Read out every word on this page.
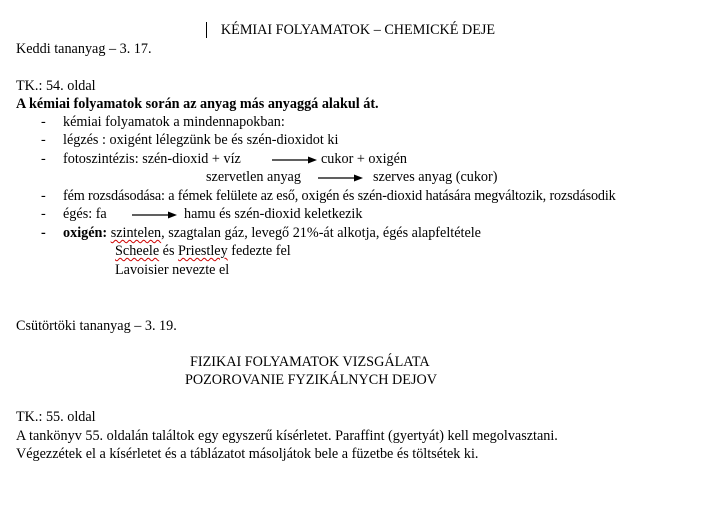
KÉMIAI FOLYAMATOK – CHEMICKÉ DEJE
Keddi tananyag – 3. 17.
TK.: 54. oldal
A kémiai folyamatok során az anyag más anyaggá alakul át.
- kémiai folyamatok a mindennapokban:
- légzés : oxigént lélegzünk be és szén-dioxidot ki
- fotoszintézis: szén-dioxid + víz	cukor + oxigén
szervetlen anyag	szerves anyag (cukor)
- fém rozsdásodása: a fémek felülete az eső, oxigén és szén-dioxid hatására megváltozik, rozsdásodik
- égés: fa	hamu és szén-dioxid keletkezik
- oxigén: szintelen, szagtalan gáz, levegő 21%-át alkotja, égés alapfeltétele
Scheele és Priestley fedezte fel
Lavoisier nevezte el
Csütörtöki tananyag – 3. 19.
FIZIKAI FOLYAMATOK VIZSGÁLATA
POZOROVANIE FYZIKÁLNYCH DEJOV
TK.: 55. oldal
A tankönyv 55. oldalán találtok egy egyszerű kísérletet. Paraffint (gyertyát) kell megolvasztani.
Végezzétek el a kísérletet és a táblázatot másoljátok bele a füzetbe és töltsétek ki.
